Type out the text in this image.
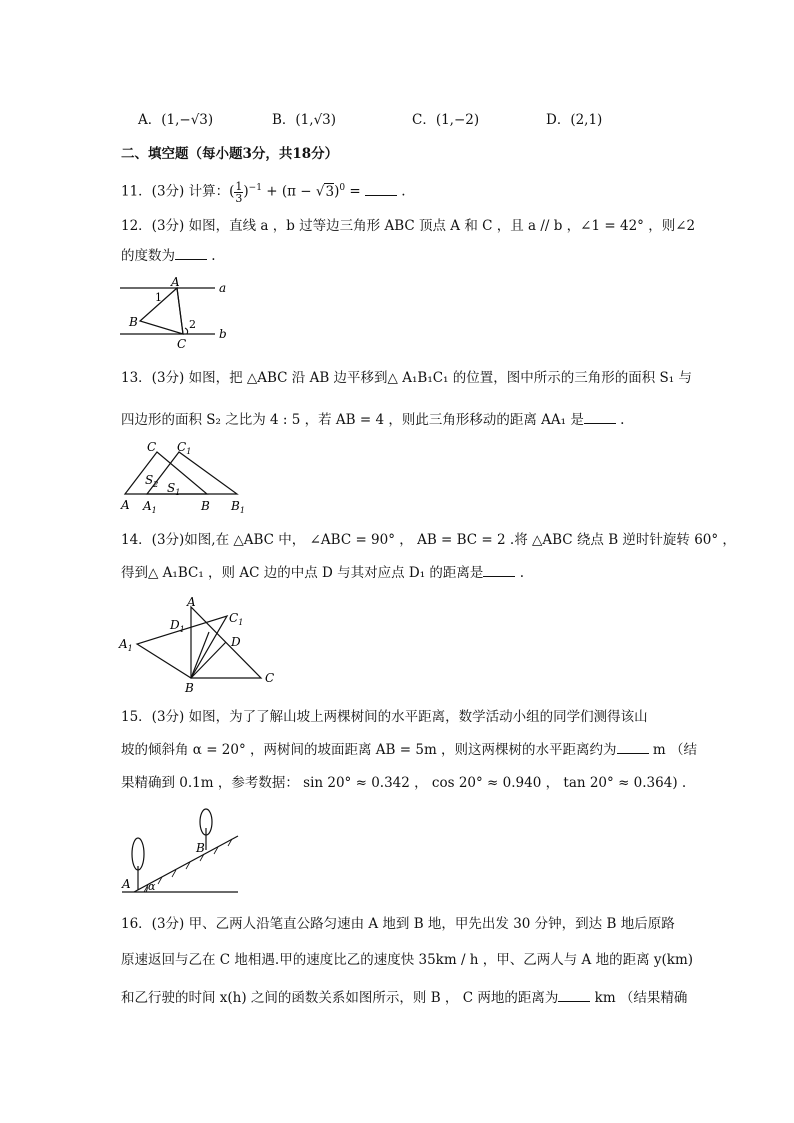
A．(1,−√3)	B．(1,√3)	C．(1,−2)	D．(2,1)
二、填空题（每小题3分，共18分）
11．(3分) 计算：( $\frac{1}{3} )^{-1} + (\pi - √3)^0$ =  .
12．(3分) 如图，直线 a ，b 过等边三角形 ABC 顶点 A 和 C ，且 a // b ，∠1 = 42° ，则∠2
的度数为 .
A
B
C
a
b
1
2
13．(3分) 如图，把 △ABC 沿 AB 边平移到△ A₁B₁C₁ 的位置，图中所示的三角形的面积 S₁ 与
四边形的面积 S₂ 之比为 4 : 5 ，若 AB = 4 ，则此三角形移动的距离 AA₁ 是 .
C $C_1$
$S_2$ $S_1$
A $A_1$	B $B_1$
14．(3分)如图,在 △ABC 中， ∠ABC = 90° ， AB = BC = 2 .将 △ABC 绕点 B 逆时针旋转 60° ，
得到△ A₁BC₁ ，则 AC 边的中点 D 与其对应点 D₁ 的距离是 .
A
$C_1$
$D_1$
D
$A_1$
B
C
15．(3分) 如图，为了了解山坡上两棵树间的水平距离，数学活动小组的同学们测得该山
坡的倾斜角 α = 20° ，两树间的坡面距离 AB = 5m ，则这两棵树的水平距离约为 m （结
果精确到 0.1m ，参考数据： sin 20° ≈ 0.342 ， cos 20° ≈ 0.940 ， tan 20° ≈ 0.364) .
A
B
α
16．(3分) 甲、乙两人沿笔直公路匀速由 A 地到 B 地，甲先出发 30 分钟，到达 B 地后原路
原速返回与乙在 C 地相遇.甲的速度比乙的速度快 35km / h ，甲、乙两人与 A 地的距离 y(km)
和乙行驶的时间 x(h) 之间的函数关系如图所示，则 B ， C 两地的距离为 km （结果精确
